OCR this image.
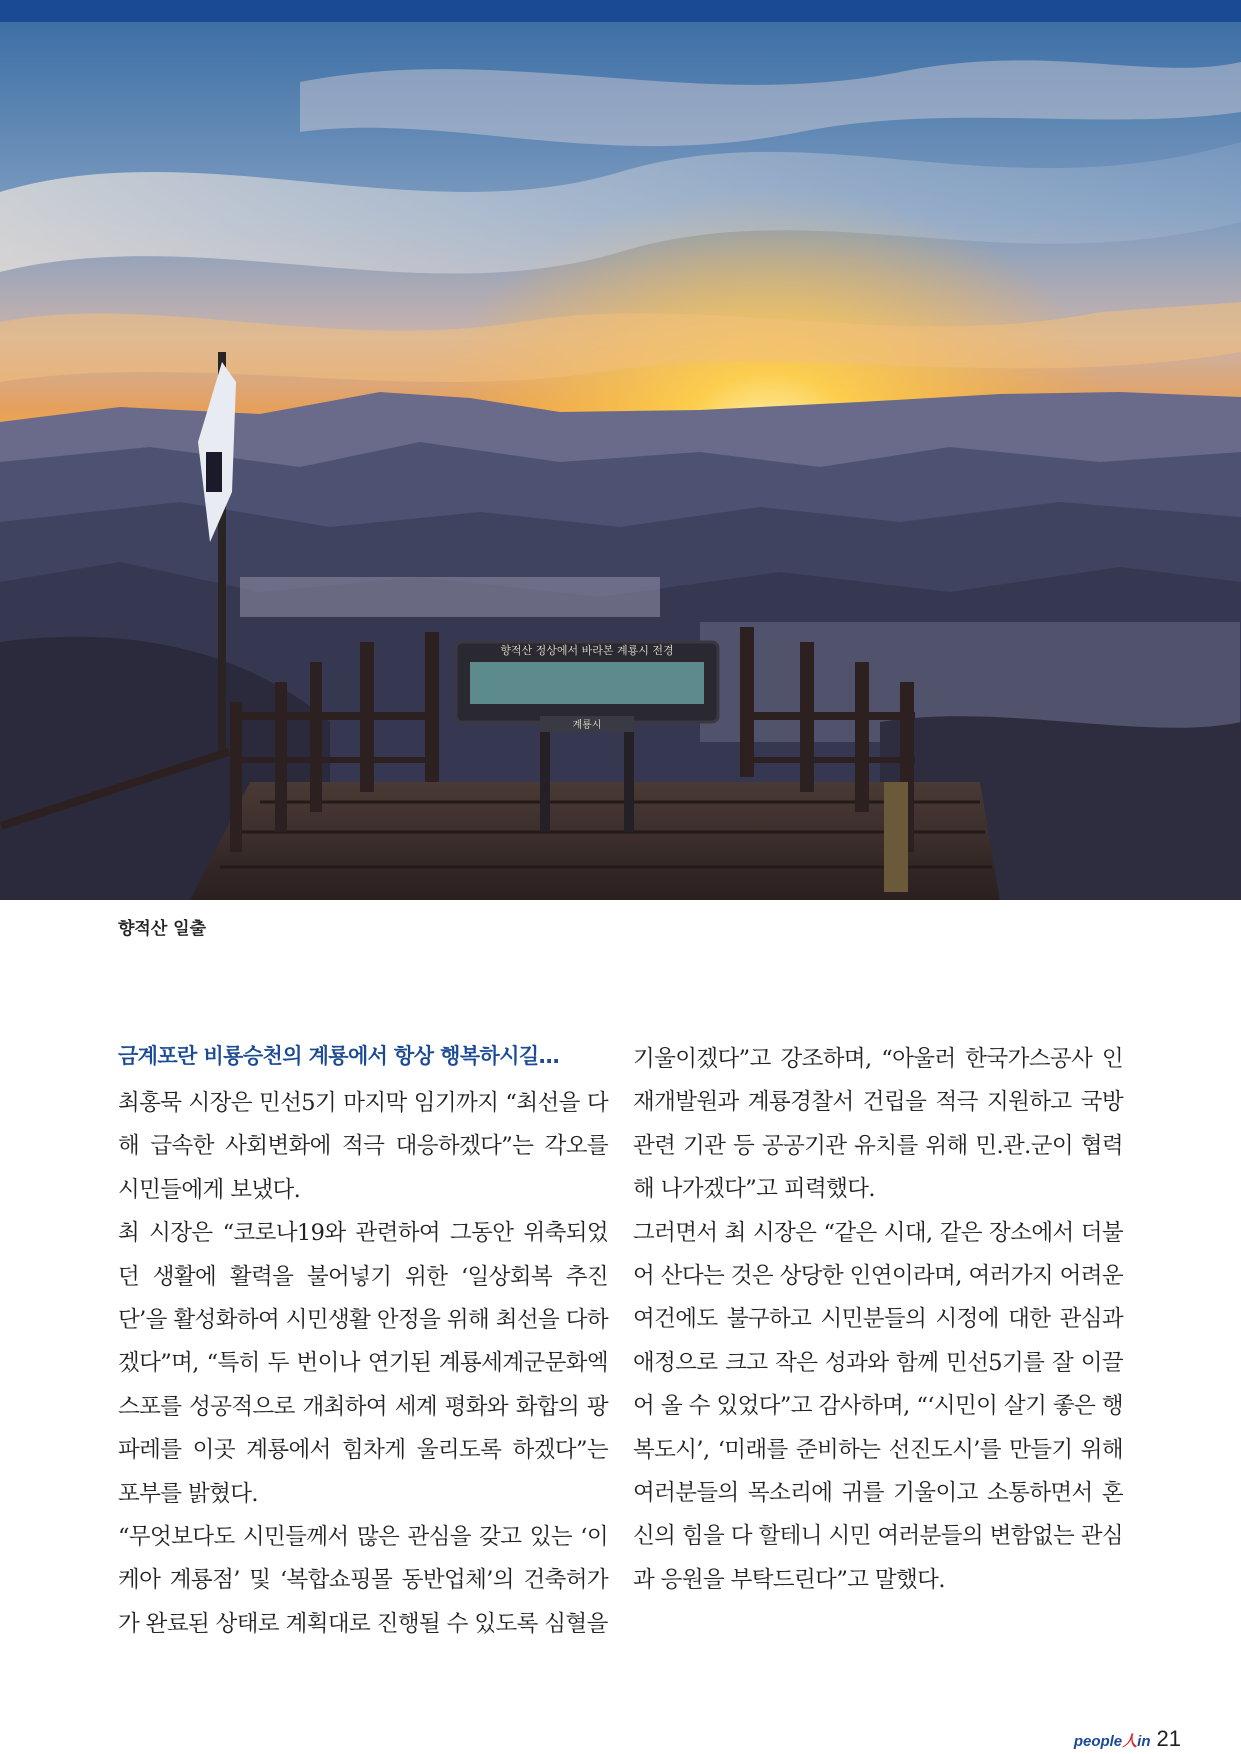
향적산 정상에서 바라본 계룡시 전경
계룡시
향적산 일출
금계포란 비룡승천의 계룡에서 항상 행복하시길…

최홍묵 시장은 민선5기 마지막 임기까지 “최선을 다해 급속한 사회변화에 적극 대응하겠다”는 각오를 시민들에게 보냈다.

최 시장은 “코로나19와 관련하여 그동안 위축되었던 생활에 활력을 불어넣기 위한 ‘일상회복 추진단’을 활성화하여 시민생활 안정을 위해 최선을 다하겠다”며, “특히 두 번이나 연기된 계룡세계군문화엑스포를 성공적으로 개최하여 세계 평화와 화합의 팡파레를 이곳 계룡에서 힘차게 울리도록 하겠다”는 포부를 밝혔다.

“무엇보다도 시민들께서 많은 관심을 갖고 있는 ‘이케아 계룡점’ 및 ‘복합쇼핑몰 동반업체’의 건축허가가 완료된 상태로 계획대로 진행될 수 있도록 심혈을

기울이겠다”고 강조하며, “아울러 한국가스공사 인재개발원과 계룡경찰서 건립을 적극 지원하고 국방관련 기관 등 공공기관 유치를 위해 민.관.군이 협력해 나가겠다”고 피력했다.

그러면서 최 시장은 “같은 시대, 같은 장소에서 더불어 산다는 것은 상당한 인연이라며, 여러가지 어려운 여건에도 불구하고 시민분들의 시정에 대한 관심과 애정으로 크고 작은 성과와 함께 민선5기를 잘 이끌어 올 수 있었다”고 감사하며, “‘시민이 살기 좋은 행복도시’, ‘미래를 준비하는 선진도시’를 만들기 위해 여러분들의 목소리에 귀를 기울이고 소통하면서 혼신의 힘을 다 할테니 시민 여러분들의 변함없는 관심과 응원을 부탁드린다”고 말했다.

people人in 21
